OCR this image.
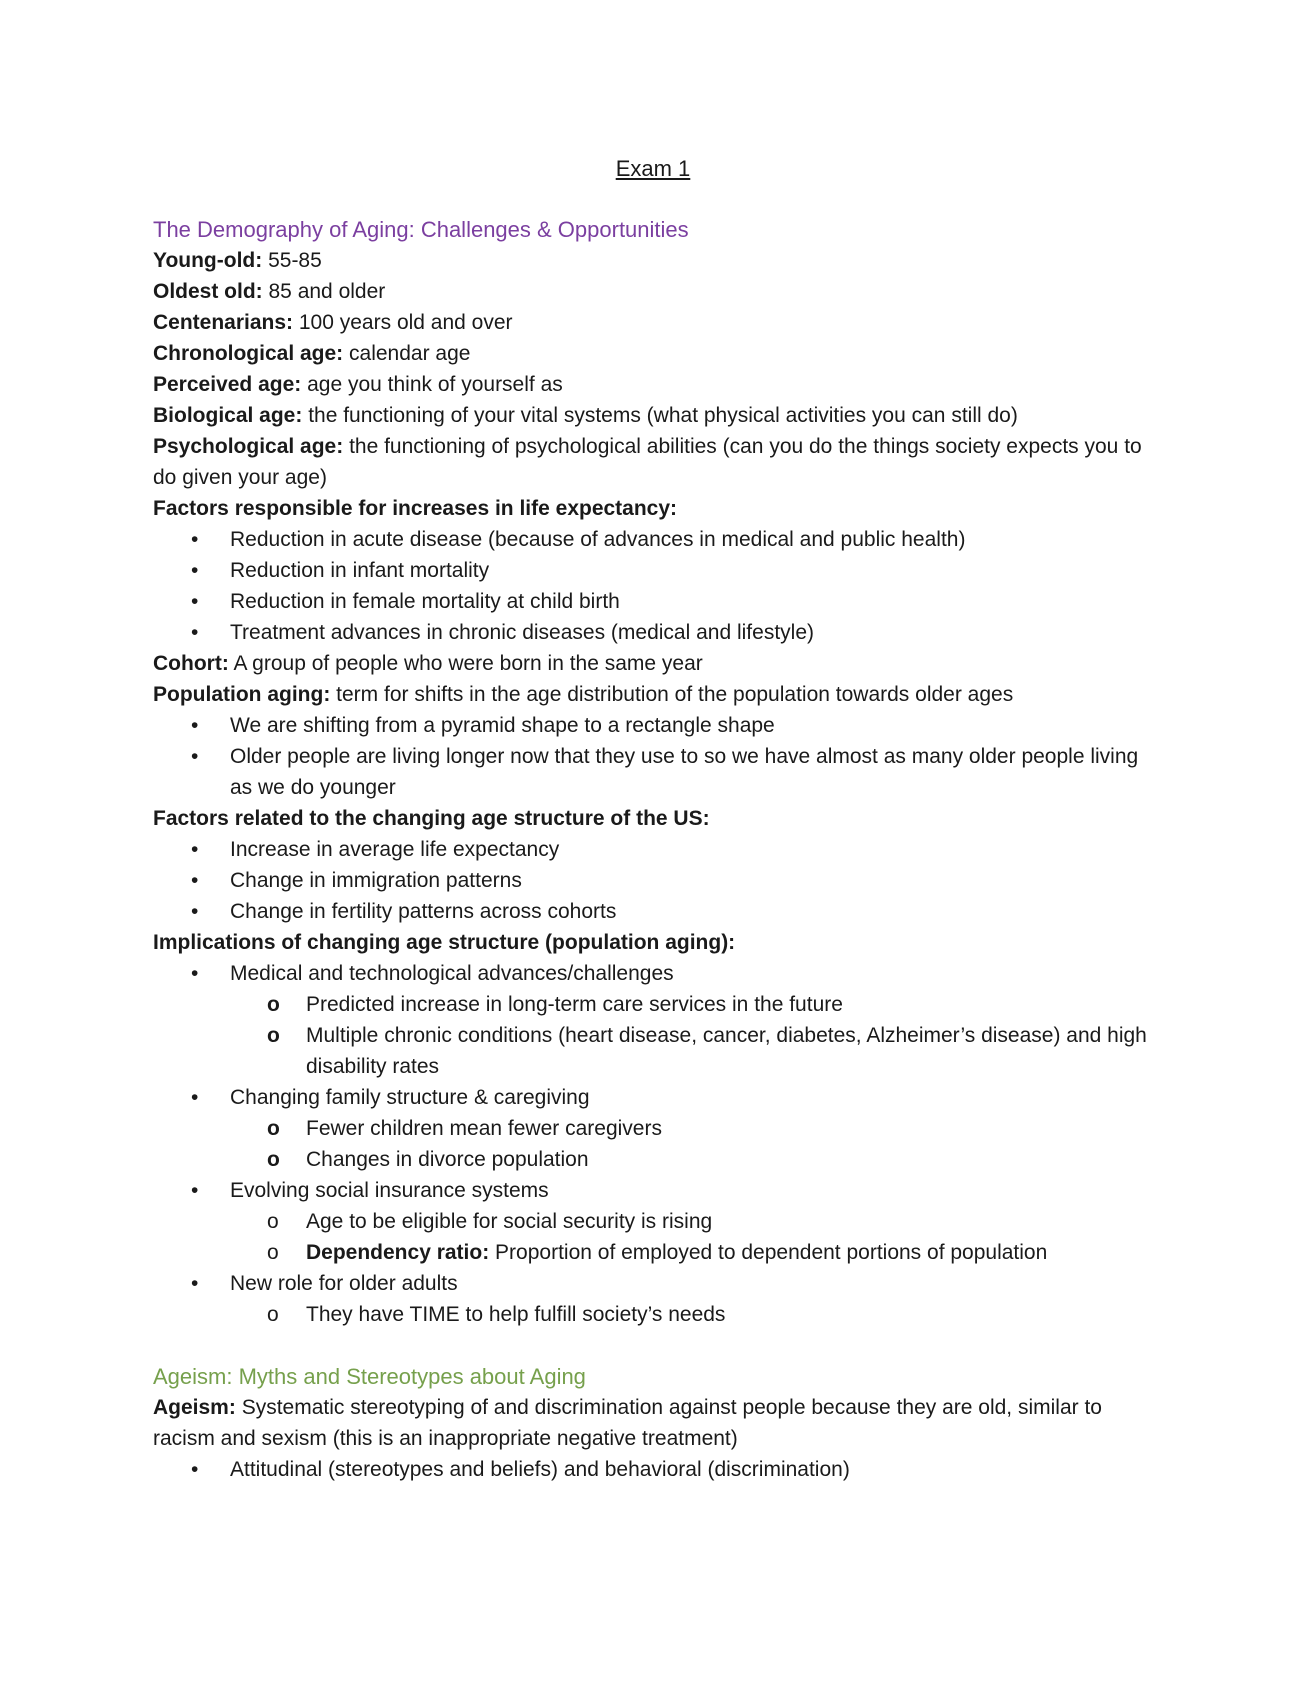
Exam 1
The Demography of Aging: Challenges & Opportunities
Young-old: 55-85
Oldest old: 85 and older
Centenarians: 100 years old and over
Chronological age: calendar age
Perceived age: age you think of yourself as
Biological age: the functioning of your vital systems (what physical activities you can still do)
Psychological age: the functioning of psychological abilities (can you do the things society expects you to do given your age)
Factors responsible for increases in life expectancy:
• Reduction in acute disease (because of advances in medical and public health)
• Reduction in infant mortality
• Reduction in female mortality at child birth
• Treatment advances in chronic diseases (medical and lifestyle)
Cohort: A group of people who were born in the same year
Population aging: term for shifts in the age distribution of the population towards older ages
• We are shifting from a pyramid shape to a rectangle shape
• Older people are living longer now that they use to so we have almost as many older people living as we do younger
Factors related to the changing age structure of the US:
• Increase in average life expectancy
• Change in immigration patterns
• Change in fertility patterns across cohorts
Implications of changing age structure (population aging):
• Medical and technological advances/challenges
o Predicted increase in long-term care services in the future
o Multiple chronic conditions (heart disease, cancer, diabetes, Alzheimer’s disease) and high disability rates
• Changing family structure & caregiving
o Fewer children mean fewer caregivers
o Changes in divorce population
• Evolving social insurance systems
o Age to be eligible for social security is rising
o Dependency ratio: Proportion of employed to dependent portions of population
• New role for older adults
o They have TIME to help fulfill society’s needs
Ageism: Myths and Stereotypes about Aging
Ageism: Systematic stereotyping of and discrimination against people because they are old, similar to racism and sexism (this is an inappropriate negative treatment)
• Attitudinal (stereotypes and beliefs) and behavioral (discrimination)
